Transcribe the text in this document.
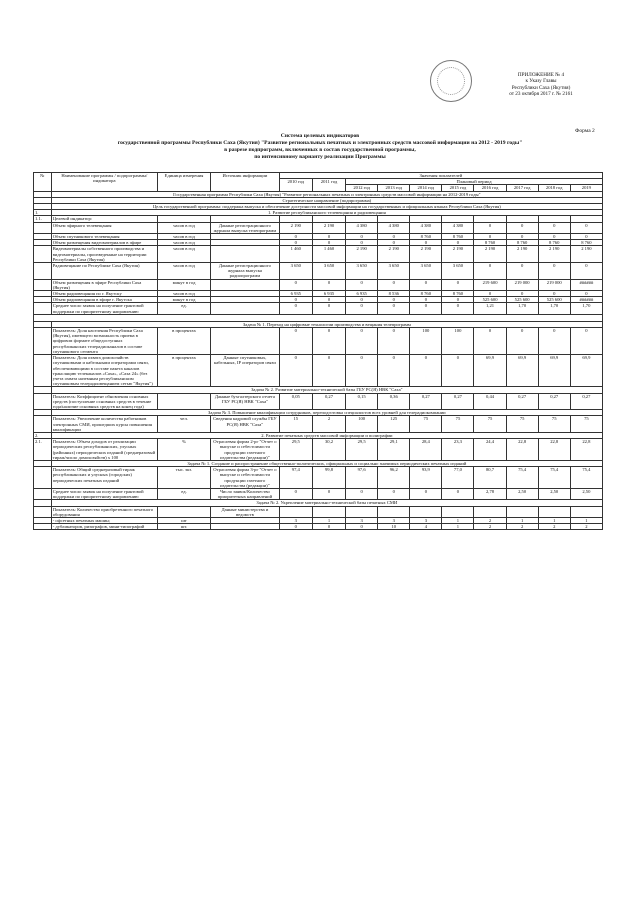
ПРИЛОЖЕНИЕ № 4
к Указу Главы
Республики Саха (Якутия)
от 23 октября 2017 г. № 2161
Форма 2
Система целевых индикаторов
государственной программы Республики Саха (Якутия) "Развитие региональных печатных и электронных средств массовой информации на 2012 - 2019 годы"
в разрезе подпрограмм, включенных в состав государственной программы,
по интенсивному варианту реализации Программы
№	Наименование программы / подпрограммы/ индикатора	Единица измерения	Источник информации	Значения показателей									
				2010 год	2011 год	Плановый период							
						2012 год	2013 год	2014 год	2015 год	2016 год	2017 год	2018 год	2019
	Государственная программа Республики Саха (Якутия) "Развитие региональных печатных и электронных средств массовой информации на 2012-2019 годы"												
	Стратегическое направление (подпрограмма)												
	Цель государственной программы: поддержка выпуска и обеспечение доступности массовой информации на государственных и официальных языках Республики Саха (Якутия)												
1.	1. Развитие республиканского телевещания и радиовещания												
1.1.	Целевой индикатор:												
	Объем эфирного телевещания	часов в год	Данные регистрационного журнала выпуска телепрограмм	2 190	2 190	4 380	4 380	4 380	4 380	0	0	0	0
	Объем спутникового телевещания	часов в год		0	0	0	0	8 760	8 760	0	0	0	0
	Объем размещения видеоматериалов в эфире	часов в год		0	0	0	0	0	0	8 760	8 760	8 760	8 760
	Видеоматериалы собственного производства и видеоматериалы, произведенные на территории Республики Саха (Якутия)	часов в год		1 460	1 460	2 190	2 190	2 190	2 190	2 190	2 190	2 190	2 190
	Радиовещание по Республике Саха (Якутия)	часов в год	Данные регистрационного журнала выпуска радиопрограмм	3 650	3 650	3 650	3 650	3 650	3 650	0	0	0	0
	Объем размещения в эфире Республики Саха (Якутия)	минут в год		0	0	0	0	0	0	219 600	219 000	219 000	######
	Объем радиовещания по г. Якутску	часов в год		6 935	6 935	6 935	8 536	8 760	8 760	0	0	0	0
	Объем радиовещания в эфире г. Якутска	минут в год		0	0	0	0	0	0	525 600	525 600	525 600	######
	Среднее число заявок на получение грантовой поддержки по приоритетному направлению	ед.		0	0	0	0	0	0	1,21	1,70	1,70	1,70

	Задача № 1. Переход на цифровые технологии производства и вещания телепрограмм												
	Показатель: Доля населения Республики Саха (Якутия), имеющего возможность приема в цифровом формате общедоступных республиканских телерадиоканалов в составе спутникового сегмента	в процентах		0	0	0	0	100	100	0	0	0	0
	Показатель: Доля охвата домохозяйств спутниковыми и кабельными операторами связи, обеспечивающими в составе пакета каналов трансляцию телеканалов «Саха», «Саха 24» (без учета охвата наземным республиканским спутниковым телерадиовещанием сетью "Якутия")	в процентах	Данные спутниковых, кабельных, IP операторов связи	0	0	0	0	0	0	69,9	69,9	69,9	69,9
	Задача № 2. Развитие материально-технической базы ГБУ РС(Я) НВК "Саха"												
	Показатель: Коэффициент обновления основных средств (поступление основных средств в течение года/наличие основных средств на конец года)		Данные бухгалтерского отчета ГБУ РС(Я) НВК "Саха"	0,05	0,27	0,15	0,36	0,27	0,27	0,44	0,27	0,27	0,27
	Задача № 3. Повышение квалификации сотрудников, переподготовка специалистов всех уровней для телерадиокомпании												
	Показатель: Увеличение количества работников электронных СМИ, прошедших курсы повышения квалификации	чел.	Сведения кадровой службы ГБУ РС(Я) НВК "Саха"	15	2	100	125	75	75	75	75	75	75
2.	2. Развитие печатных средств массовой информации и полиграфии												
2.1.	Показатель: Объем доходов от реализации периодических республиканских, улусных (районных) периодических изданий (среднеразовый тираж/число домохозяйств) х 100	%	Отраслевая форма 2-рг "Отчет о выпуске и себестоимости продукции газетного издательства (редакции)"	29,5	30,2	29,5	29,1	28,4	23,3	24,4	22,8	22,8	22,8
	Задача № 1. Создание и распространение общественно-политических, официальных и социально значимых периодических печатных изданий												
	Показатель: Общий среднеразовый тираж республиканских и улусных (городских) периодических печатных изданий	тыс. экз.	Отраслевая форма 3-рг "Отчет о выпуске и себестоимости продукции газетного издательства (редакции)"	97,4	99,8	97,6	96,2	93,9	77,0	80,7	75,4	75,4	75,4
	Среднее число заявок на получение грантовой поддержки по приоритетному направлению	ед.	Число заявок/Количество приоритетных направлений	0	0	0	0	0	0	2,78	2,50	2,50	2,50
	Задача № 2. Укрепление материально-технической базы печатных СМИ												
	Показатель: Количество приобретенного печатного оборудования		Данные министерства и ведомств										
	- офсетных печатных машин;	шт		3	1	3	3	3	1	2	1	1	1
	- дубликаторов, ризографов, мини-типографий	шт.		0	0	0	10	4	1	2	2	2	2
